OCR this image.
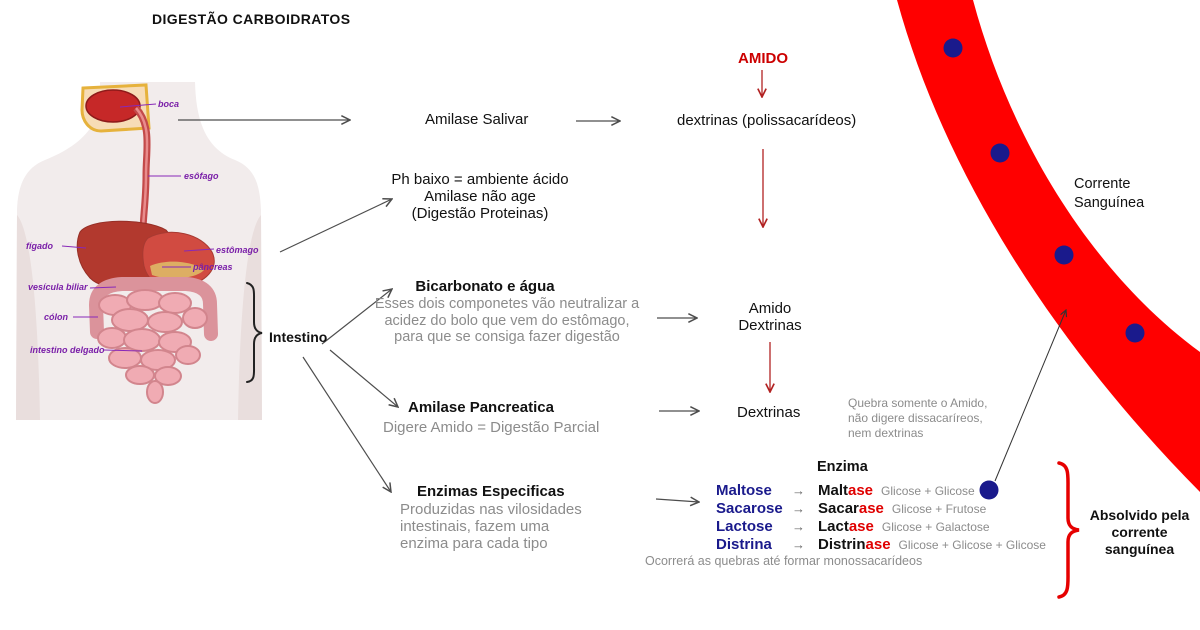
DIGESTÃO CARBOIDRATOS
boca
esôfago
fígado	estômago
pâncreas
vesícula biliar
cólon
intestino delgado
Intestino
Amilase Salivar	dextrinas (polissacarídeos)
AMIDO
Ph baixo = ambiente ácido
Amilase não age
(Digestão Proteinas)
Bicarbonato e água
Esses dois componetes vão neutralizar a
acidez do bolo que vem do estômago,
para que se consiga fazer digestão
Amido
Dextrinas
Amilase Pancreatica
Digere Amido = Digestão Parcial
Dextrinas
Quebra somente o Amido,
não digere dissacaríreos,
nem dextrinas
Enzimas Especificas
Produzidas nas vilosidades
intestinais, fazem uma
enzima para cada tipo
Enzima
Maltose	→ Maltase Glicose + Glicose
Sacarose → Sacarase Glicose + Frutose
Lactose	→ Lactase Glicose + Galactose
Distrina	→ Distrinase Glicose + Glicose + Glicose
Ocorrerá as quebras até formar monossacarídeos
Corrente
Sanguínea
Absolvido pela
corrente
sanguínea
